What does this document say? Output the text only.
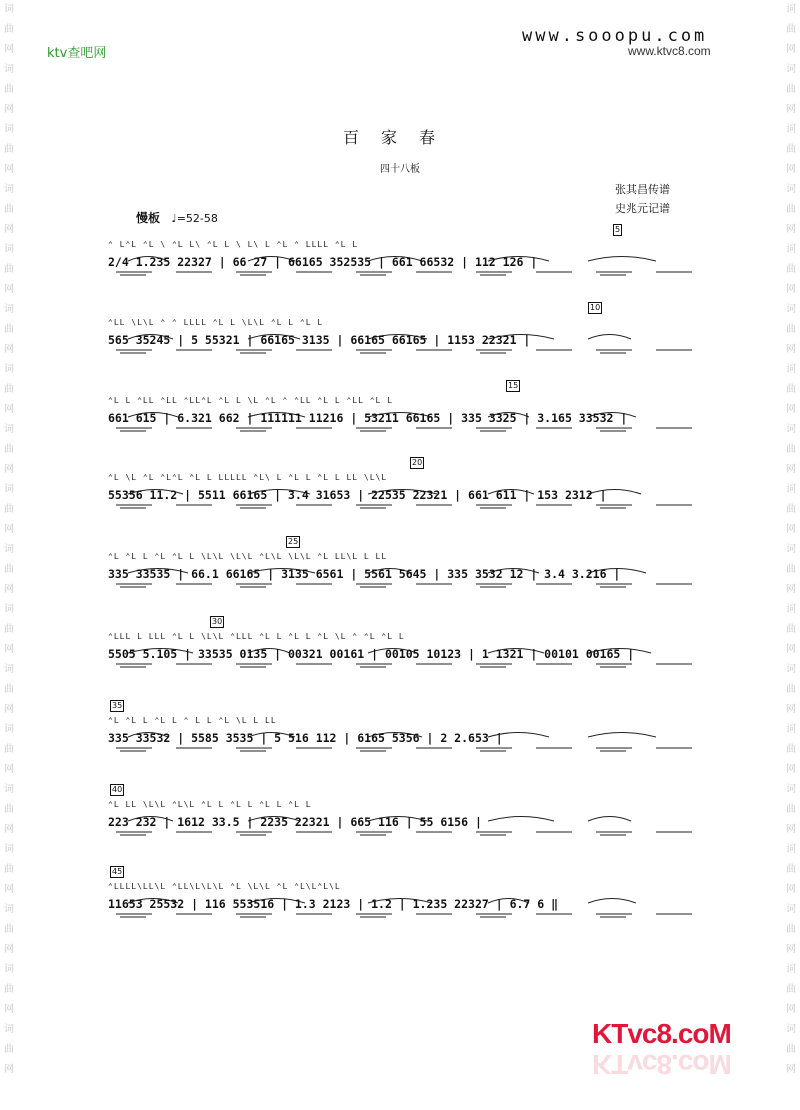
词
曲
网
词
曲
网
词
曲
网
词
曲
网
词
曲
网
词
曲
网
词
曲
网
词
曲
网
词
曲
网
词
曲
网
词
曲
网
词
曲
网
词
曲
网
词
曲
网
词
曲
网
词
曲
网
词
曲
网
词
曲
网
词
曲
网
词
曲
网
词
曲
网
词
曲
网
词
曲
网
词
曲
网
词
曲
网
词
曲
网
词
曲
网
词
曲
网
词
曲
网
词
曲
网
词
曲
网
词
曲
网
词
曲
网
词
曲
网
词
曲
网
词
曲
网
ktv查吧网
www.sooopu.com
www.ktvc8.com
百家春
四十八板
张其昌传谱
史兆元记谱
慢板 ♩=52-58
⌃ L⌃L ⌃L \ ⌃L L\ ⌃L L \ L\ L ⌃L ⌃ LLLL ⌃L L
2/4 1.235 22327 | 66 27 | 66165 352535 | 661 66532 | 112 126 |
5
⌃LL \L\L ⌃ ⌃ LLLL ⌃L L \L\L ⌃L L ⌃L L
565 35245 | 5 55321 | 66165 3135 | 66165 66165 | 1153 22321 |
10
⌃L L ⌃LL ⌃LL ⌃LL⌃L ⌃L L \L ⌃L ⌃ ⌃LL ⌃L L ⌃LL ⌃L L
661 615 | 6.321 662 | 111111 11216 | 53211 66165 | 335 3325 | 3.165 33532 |
15
⌃L \L ⌃L ⌃L⌃L ⌃L L LLLLL ⌃L\ L ⌃L L ⌃L L LL \L\L
55356 11.2 | 5511 66165 | 3.4 31653 | 22535 22321 | 661 611 | 153 2312 |
20
⌃L ⌃L L ⌃L ⌃L L \L\L \L\L ⌃L\L \L\L ⌃L LL\L L LL
335 33535 | 66.1 66165 | 3135 6561 | 5561 5645 | 335 3532 12 | 3.4 3.216 |
25
⌃LLL L LLL ⌃L L \L\L ⌃LLL ⌃L L ⌃L L ⌃L \L ⌃ ⌃L ⌃L L
5505 5.105 | 33535 0135 | 00321 00161 | 00105 10123 | 1 1321 | 00101 00165 |
30
⌃L ⌃L L ⌃L L ⌃ L L ⌃L \L L LL
335 33532 | 5585 3535 | 5 516 112 | 6165 5356 | 2 2.653 |
35
⌃L LL \L\L ⌃L\L ⌃L L ⌃L L ⌃L L ⌃L L
223 232 | 1612 33.5 | 2235 22321 | 665 116 | 55 6156 |
40
⌃LLLL\LL\L ⌃LL\L\L\L ⌃L \L\L ⌃L ⌃L\L⌃L\L
11653 25532 | 116 553516 | 1.3 2123 | 1.2 | 1.235 22327 | 6.7 6 ‖
45
KTvc8.coM
KTvc8.coM
